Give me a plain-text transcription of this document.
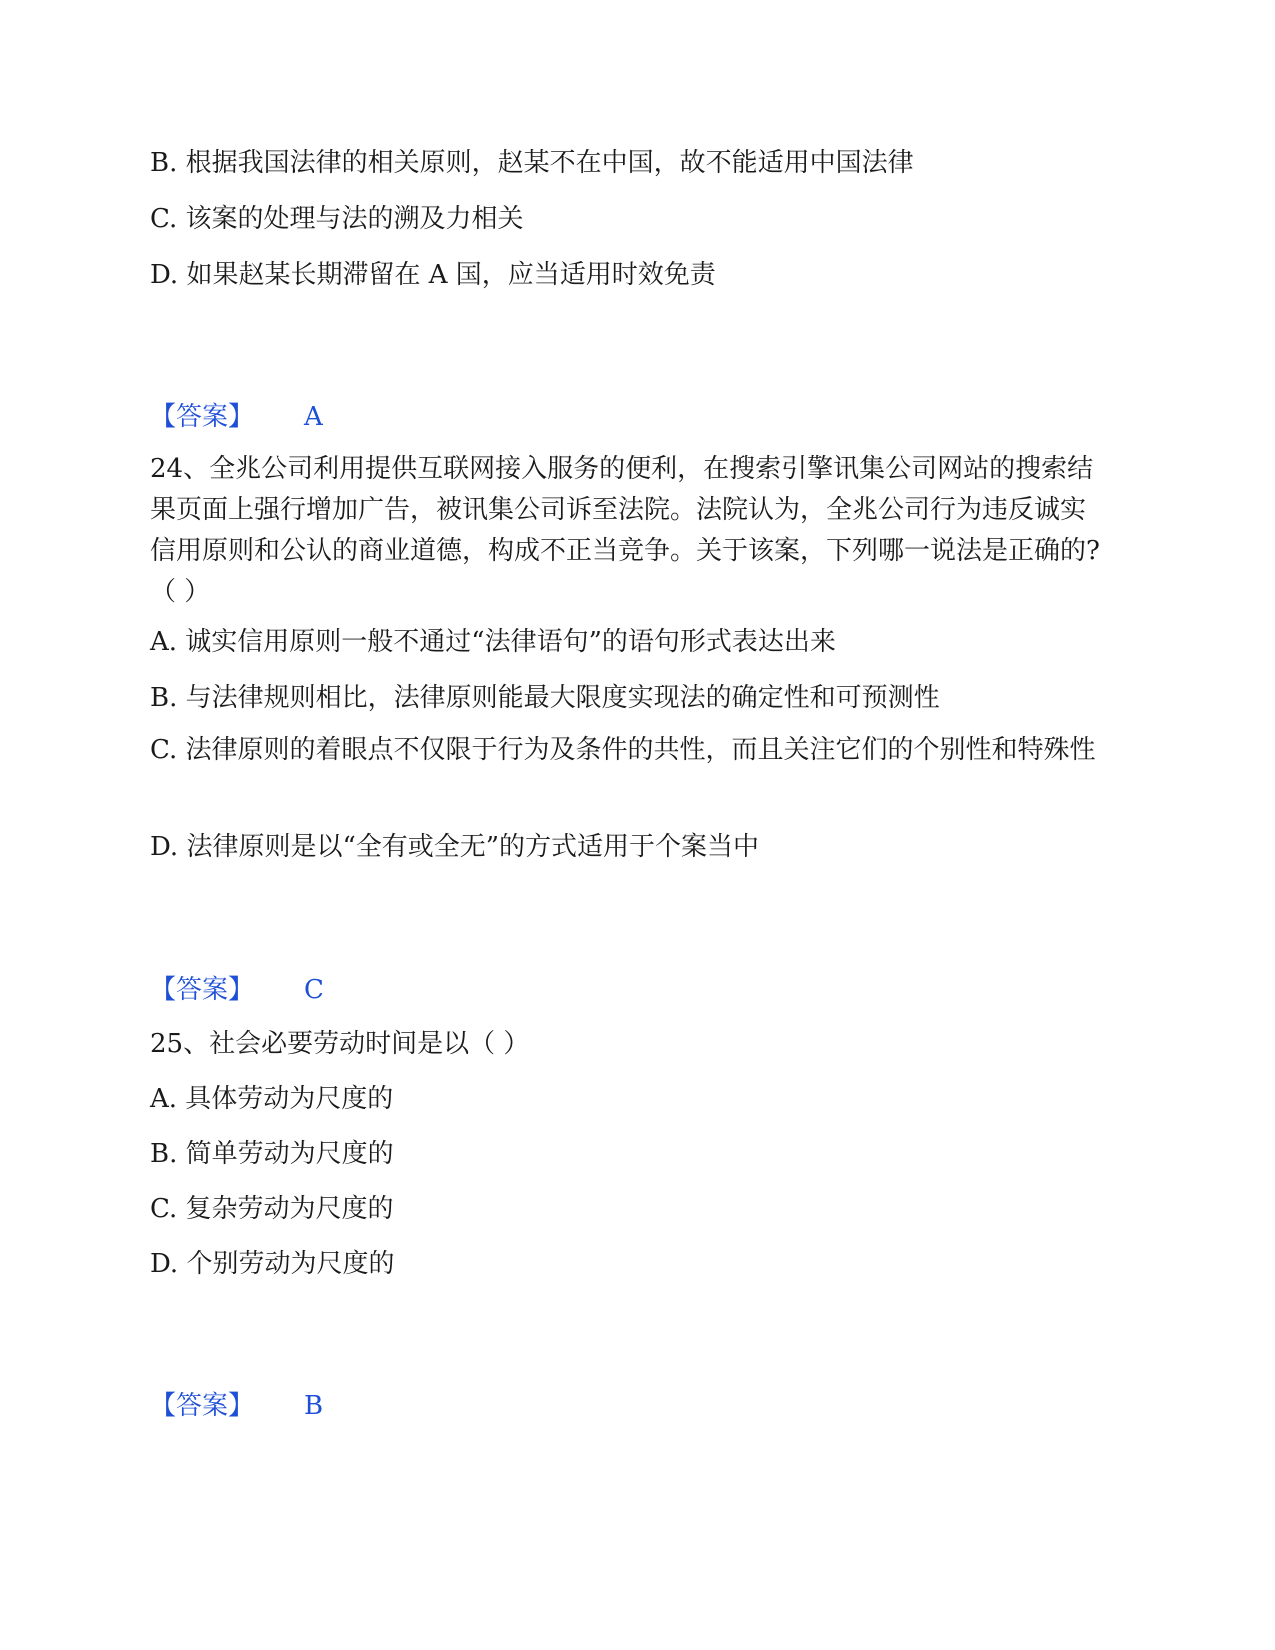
B. 根据我国法律的相关原则，赵某不在中国，故不能适用中国法律
C. 该案的处理与法的溯及力相关
D. 如果赵某长期滞留在 A 国，应当适用时效免责
【答案】 A
24、全兆公司利用提供互联网接入服务的便利，在搜索引擎讯集公司网站的搜索结果页面上强行增加广告，被讯集公司诉至法院。法院认为，全兆公司行为违反诚实信用原则和公认的商业道德，构成不正当竞争。关于该案，下列哪一说法是正确的?（ ）
A. 诚实信用原则一般不通过“法律语句”的语句形式表达出来
B. 与法律规则相比，法律原则能最大限度实现法的确定性和可预测性
C. 法律原则的着眼点不仅限于行为及条件的共性，而且关注它们的个别性和特殊性
D. 法律原则是以“全有或全无”的方式适用于个案当中
【答案】 C
25、社会必要劳动时间是以（ ）
A. 具体劳动为尺度的
B. 简单劳动为尺度的
C. 复杂劳动为尺度的
D. 个别劳动为尺度的
【答案】 B
